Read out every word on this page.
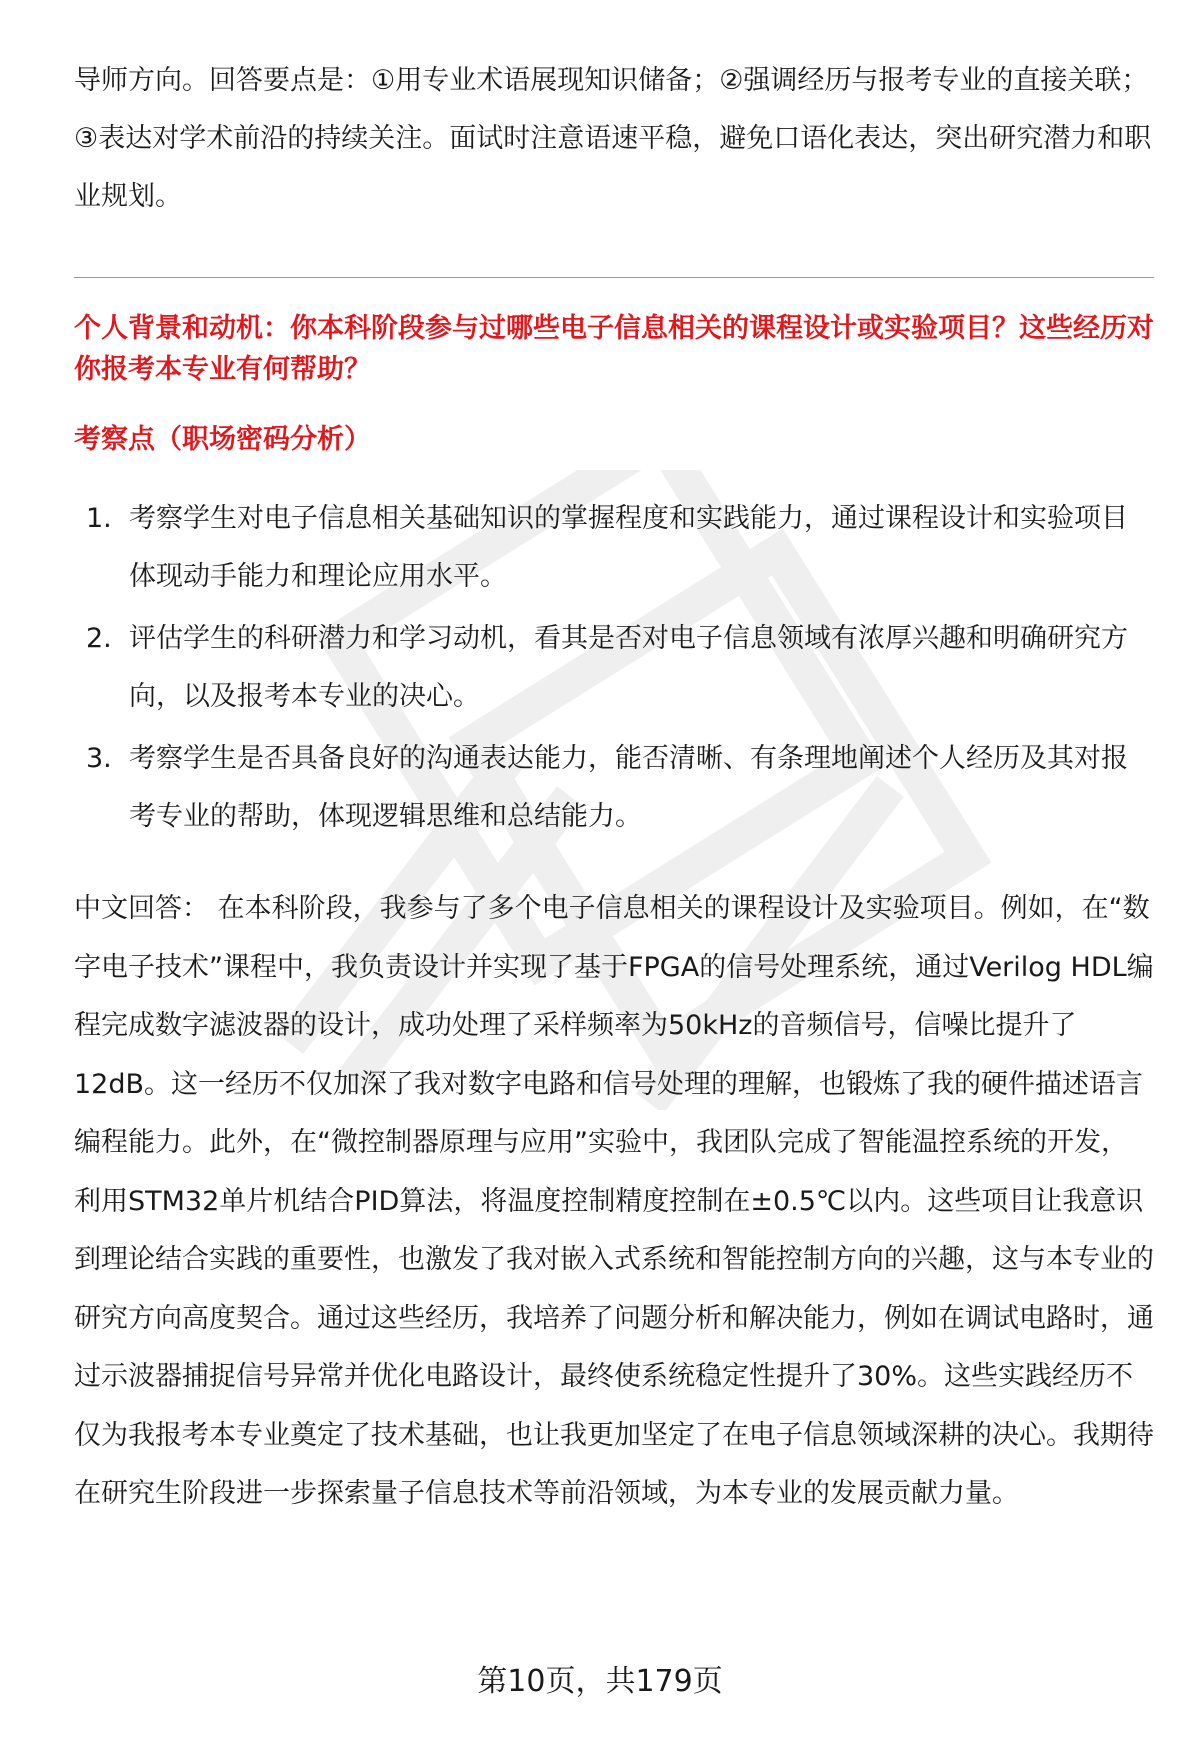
导师方向。回答要点是：①用专业术语展现知识储备；②强调经历与报考专业的直接关联；③表达对学术前沿的持续关注。面试时注意语速平稳，避免口语化表达，突出研究潜力和职业规划。
个人背景和动机：你本科阶段参与过哪些电子信息相关的课程设计或实验项目？这些经历对你报考本专业有何帮助？
考察点（职场密码分析）
1. 考察学生对电子信息相关基础知识的掌握程度和实践能力，通过课程设计和实验项目体现动手能力和理论应用水平。
2. 评估学生的科研潜力和学习动机，看其是否对电子信息领域有浓厚兴趣和明确研究方向，以及报考本专业的决心。
3. 考察学生是否具备良好的沟通表达能力，能否清晰、有条理地阐述个人经历及其对报考专业的帮助，体现逻辑思维和总结能力。
中文回答： 在本科阶段，我参与了多个电子信息相关的课程设计及实验项目。例如，在“数字电子技术”课程中，我负责设计并实现了基于FPGA的信号处理系统，通过Verilog HDL编程完成数字滤波器的设计，成功处理了采样频率为50kHz的音频信号，信噪比提升了12dB。这一经历不仅加深了我对数字电路和信号处理的理解，也锻炼了我的硬件描述语言编程能力。此外，在“微控制器原理与应用”实验中，我团队完成了智能温控系统的开发，利用STM32单片机结合PID算法，将温度控制精度控制在±0.5℃以内。这些项目让我意识到理论结合实践的重要性，也激发了我对嵌入式系统和智能控制方向的兴趣，这与本专业的研究方向高度契合。通过这些经历，我培养了问题分析和解决能力，例如在调试电路时，通过示波器捕捉信号异常并优化电路设计，最终使系统稳定性提升了30%。这些实践经历不仅为我报考本专业奠定了技术基础，也让我更加坚定了在电子信息领域深耕的决心。我期待在研究生阶段进一步探索量子信息技术等前沿领域，为本专业的发展贡献力量。
第10页，共179页
